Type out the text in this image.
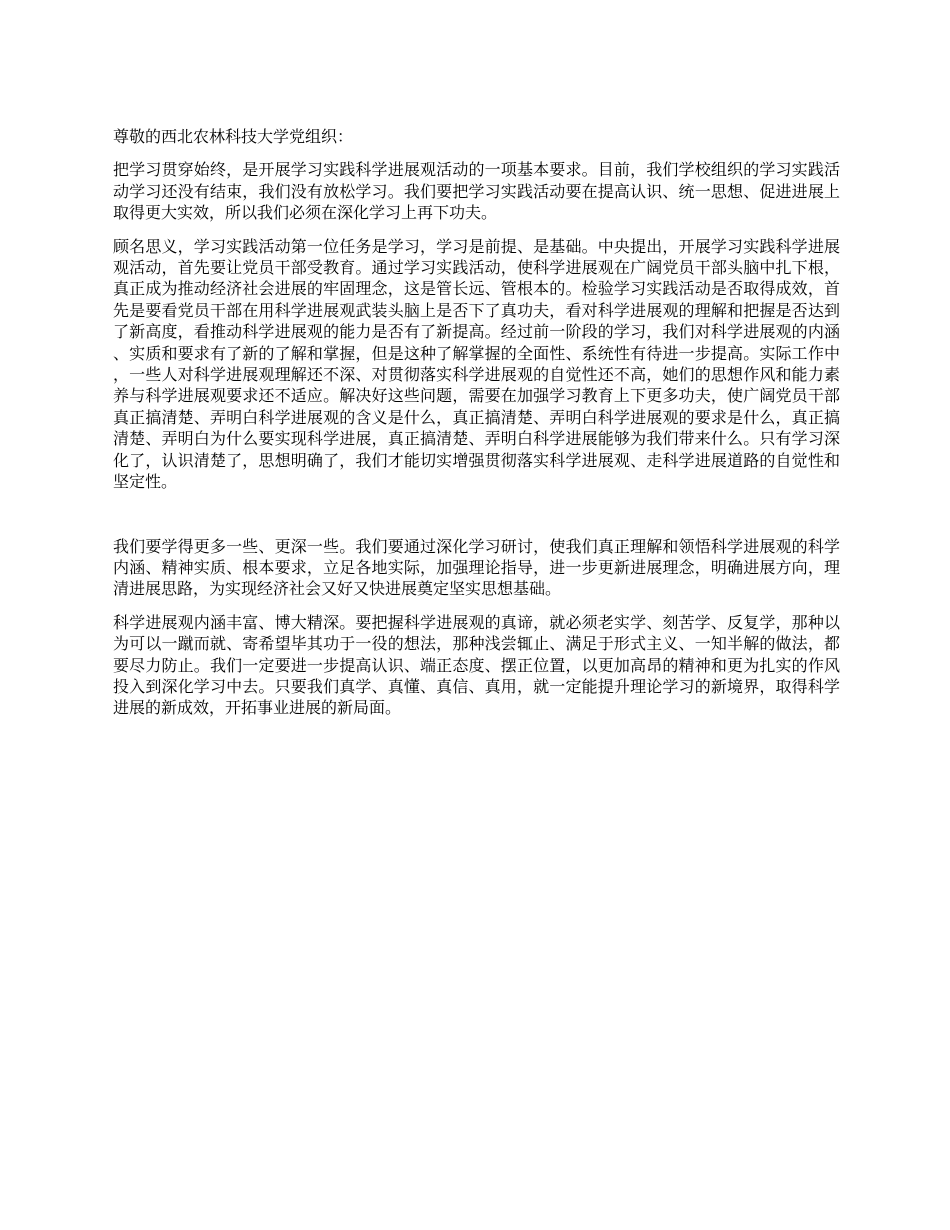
尊敬的西北农林科技大学党组织：

把学习贯穿始终，是开展学习实践科学进展观活动的一项基本要求。目前，我们学校组织的学习实践活动学习还没有结束，我们没有放松学习。我们要把学习实践活动要在提高认识、统一思想、促进进展上取得更大实效，所以我们必须在深化学习上再下功夫。

顾名思义，学习实践活动第一位任务是学习，学习是前提、是基础。中央提出，开展学习实践科学进展观活动，首先要让党员干部受教育。通过学习实践活动，使科学进展观在广阔党员干部头脑中扎下根，真正成为推动经济社会进展的牢固理念，这是管长远、管根本的。检验学习实践活动是否取得成效，首先是要看党员干部在用科学进展观武装头脑上是否下了真功夫，看对科学进展观的理解和把握是否达到了新高度，看推动科学进展观的能力是否有了新提高。经过前一阶段的学习，我们对科学进展观的内涵、实质和要求有了新的了解和掌握，但是这种了解掌握的全面性、系统性有待进一步提高。实际工作中，一些人对科学进展观理解还不深、对贯彻落实科学进展观的自觉性还不高，她们的思想作风和能力素养与科学进展观要求还不适应。解决好这些问题，需要在加强学习教育上下更多功夫，使广阔党员干部真正搞清楚、弄明白科学进展观的含义是什么，真正搞清楚、弄明白科学进展观的要求是什么，真正搞清楚、弄明白为什么要实现科学进展，真正搞清楚、弄明白科学进展能够为我们带来什么。只有学习深化了，认识清楚了，思想明确了，我们才能切实增强贯彻落实科学进展观、走科学进展道路的自觉性和坚定性。

我们要学得更多一些、更深一些。我们要通过深化学习研讨，使我们真正理解和领悟科学进展观的科学内涵、精神实质、根本要求，立足各地实际，加强理论指导，进一步更新进展理念，明确进展方向，理清进展思路，为实现经济社会又好又快进展奠定坚实思想基础。

科学进展观内涵丰富、博大精深。要把握科学进展观的真谛，就必须老实学、刻苦学、反复学，那种以为可以一蹴而就、寄希望毕其功于一役的想法，那种浅尝辄止、满足于形式主义、一知半解的做法，都要尽力防止。我们一定要进一步提高认识、端正态度、摆正位置，以更加高昂的精神和更为扎实的作风投入到深化学习中去。只要我们真学、真懂、真信、真用，就一定能提升理论学习的新境界，取得科学进展的新成效，开拓事业进展的新局面。
